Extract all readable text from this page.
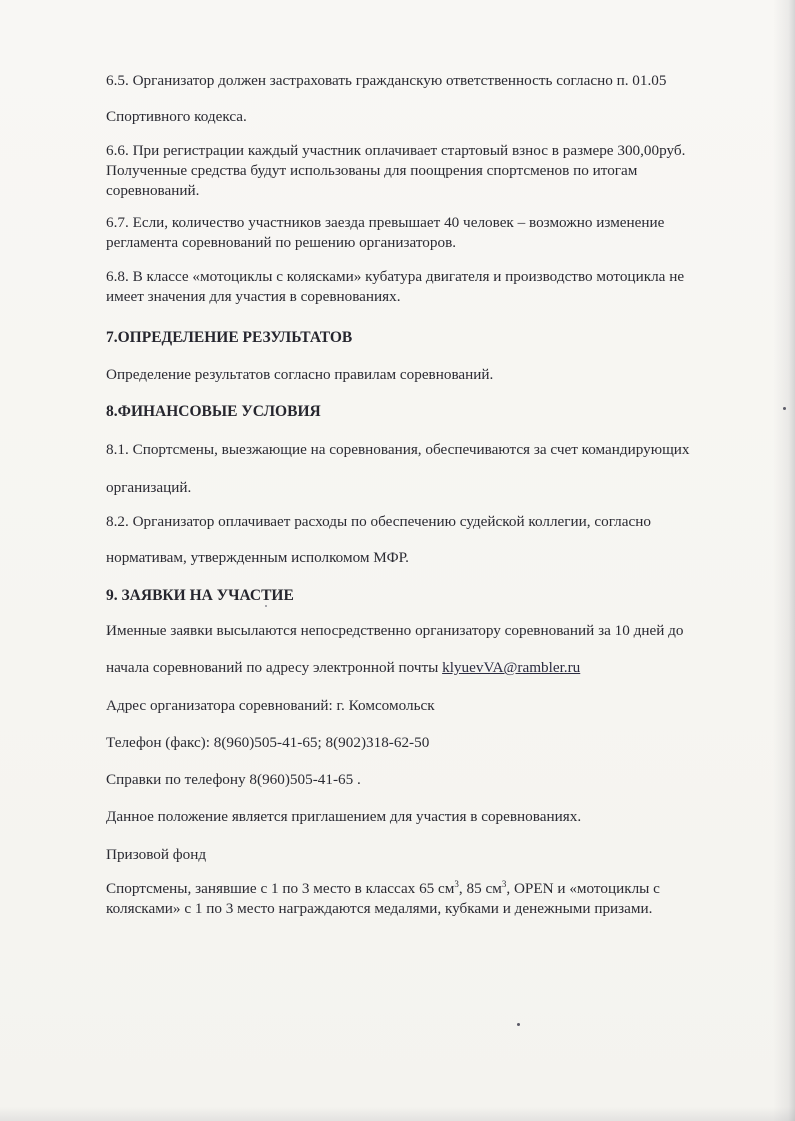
6.5. Организатор должен застраховать гражданскую ответственность согласно п. 01.05
Спортивного кодекса.
6.6. При регистрации каждый участник оплачивает стартовый взнос в размере 300,00руб.
Полученные средства будут использованы для поощрения спортсменов по итогам
соревнований.
6.7. Если, количество участников заезда превышает 40 человек – возможно изменение
регламента соревнований по решению организаторов.
6.8. В классе «мотоциклы с колясками» кубатура двигателя и производство мотоцикла не
имеет значения для участия в соревнованиях.
7.ОПРЕДЕЛЕНИЕ РЕЗУЛЬТАТОВ
Определение результатов согласно правилам соревнований.
8.ФИНАНСОВЫЕ УСЛОВИЯ
8.1. Спортсмены, выезжающие на соревнования, обеспечиваются за счет командирующих
организаций.
8.2. Организатор оплачивает расходы по обеспечению судейской коллегии, согласно
нормативам, утвержденным исполкомом МФР.
9. ЗАЯВКИ НА УЧАСТИЕ
Именные заявки высылаются непосредственно организатору соревнований за 10 дней до
начала соревнований по адресу электронной почты klyuevVA@rambler.ru
Адрес организатора соревнований: г. Комсомольск
Телефон (факс): 8(960)505-41-65; 8(902)318-62-50
Справки по телефону 8(960)505-41-65 .
Данное положение является приглашением для участия в соревнованиях.
Призовой фонд
Спортсмены, занявшие с 1 по 3 место в классах 65 $см^3$, 85 $см^3$, OPEN и «мотоциклы с
колясками» с 1 по 3 место награждаются медалями, кубками и денежными призами.
